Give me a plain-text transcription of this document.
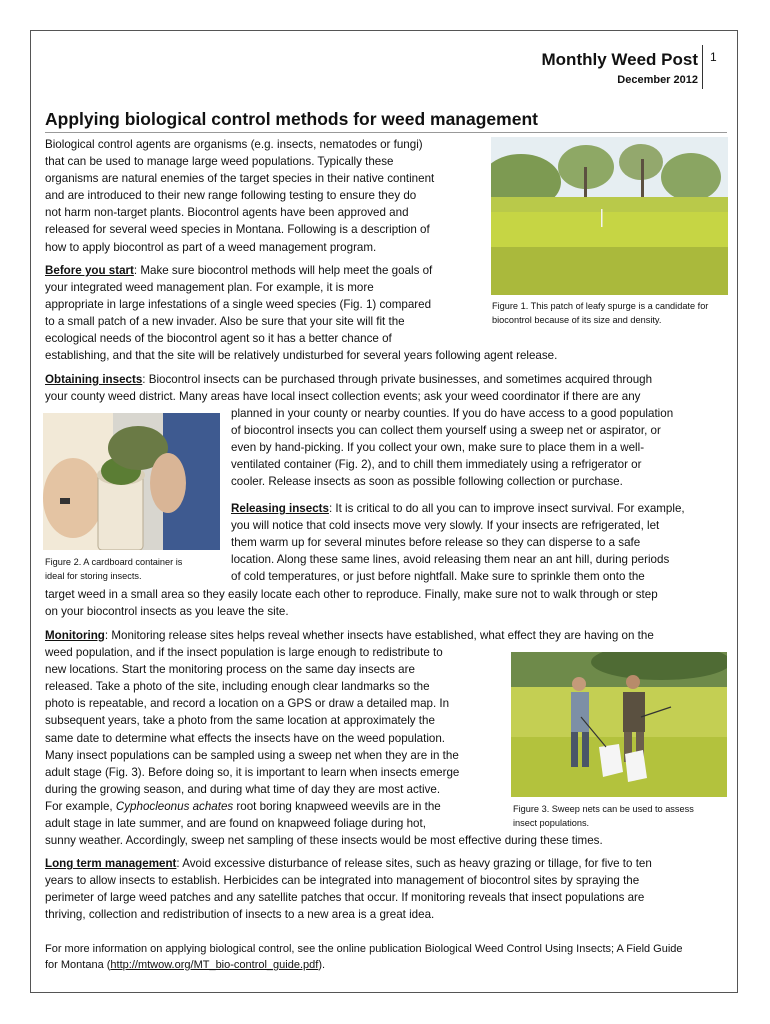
Monthly Weed Post
December 2012
1
Applying biological control methods for weed management
Biological control agents are organisms (e.g. insects, nematodes or fungi)
that can be used to manage large weed populations. Typically these
organisms are natural enemies of the target species in their native continent
and are introduced to their new range following testing to ensure they do
not harm non-target plants. Biocontrol agents have been approved and
released for several weed species in Montana. Following is a description of
how to apply biocontrol as part of a weed management program.
Figure 1. This patch of leafy spurge is a candidate for
biocontrol because of its size and density.
Before you start: Make sure biocontrol methods will help meet the goals of
your integrated weed management plan. For example, it is more
appropriate in large infestations of a single weed species (Fig. 1) compared
to a small patch of a new invader. Also be sure that your site will fit the
ecological needs of the biocontrol agent so it has a better chance of
establishing, and that the site will be relatively undisturbed for several years following agent release.
Obtaining insects: Biocontrol insects can be purchased through private businesses, and sometimes acquired through
your county weed district. Many areas have local insect collection events; ask your weed coordinator if there are any
Figure 2. A cardboard container is
ideal for storing insects.
planned in your county or nearby counties. If you do have access to a good population
of biocontrol insects you can collect them yourself using a sweep net or aspirator, or
even by hand-picking. If you collect your own, make sure to place them in a well-
ventilated container (Fig. 2), and to chill them immediately using a refrigerator or
cooler. Release insects as soon as possible following collection or purchase.
Releasing insects: It is critical to do all you can to improve insect survival. For example,
you will notice that cold insects move very slowly. If your insects are refrigerated, let
them warm up for several minutes before release so they can disperse to a safe
location. Along these same lines, avoid releasing them near an ant hill, during periods
of cold temperatures, or just before nightfall. Make sure to sprinkle them onto the
target weed in a small area so they easily locate each other to reproduce. Finally, make sure not to walk through or step
on your biocontrol insects as you leave the site.
Monitoring: Monitoring release sites helps reveal whether insects have established, what effect they are having on the
weed population, and if the insect population is large enough to redistribute to
new locations. Start the monitoring process on the same day insects are
released. Take a photo of the site, including enough clear landmarks so the
photo is repeatable, and record a location on a GPS or draw a detailed map. In
subsequent years, take a photo from the same location at approximately the
same date to determine what effects the insects have on the weed population.
Many insect populations can be sampled using a sweep net when they are in the
adult stage (Fig. 3). Before doing so, it is important to learn when insects emerge
during the growing season, and during what time of day they are most active.
For example, Cyphocleonus achates root boring knapweed weevils are in the
adult stage in late summer, and are found on knapweed foliage during hot,
sunny weather. Accordingly, sweep net sampling of these insects would be most effective during these times.
Figure 3. Sweep nets can be used to assess
insect populations.
Long term management: Avoid excessive disturbance of release sites, such as heavy grazing or tillage, for five to ten
years to allow insects to establish. Herbicides can be integrated into management of biocontrol sites by spraying the
perimeter of large weed patches and any satellite patches that occur. If monitoring reveals that insect populations are
thriving, collection and redistribution of insects to a new area is a great idea.
For more information on applying biological control, see the online publication Biological Weed Control Using Insects; A Field Guide
for Montana (http://mtwow.org/MT_bio-control_guide.pdf).
